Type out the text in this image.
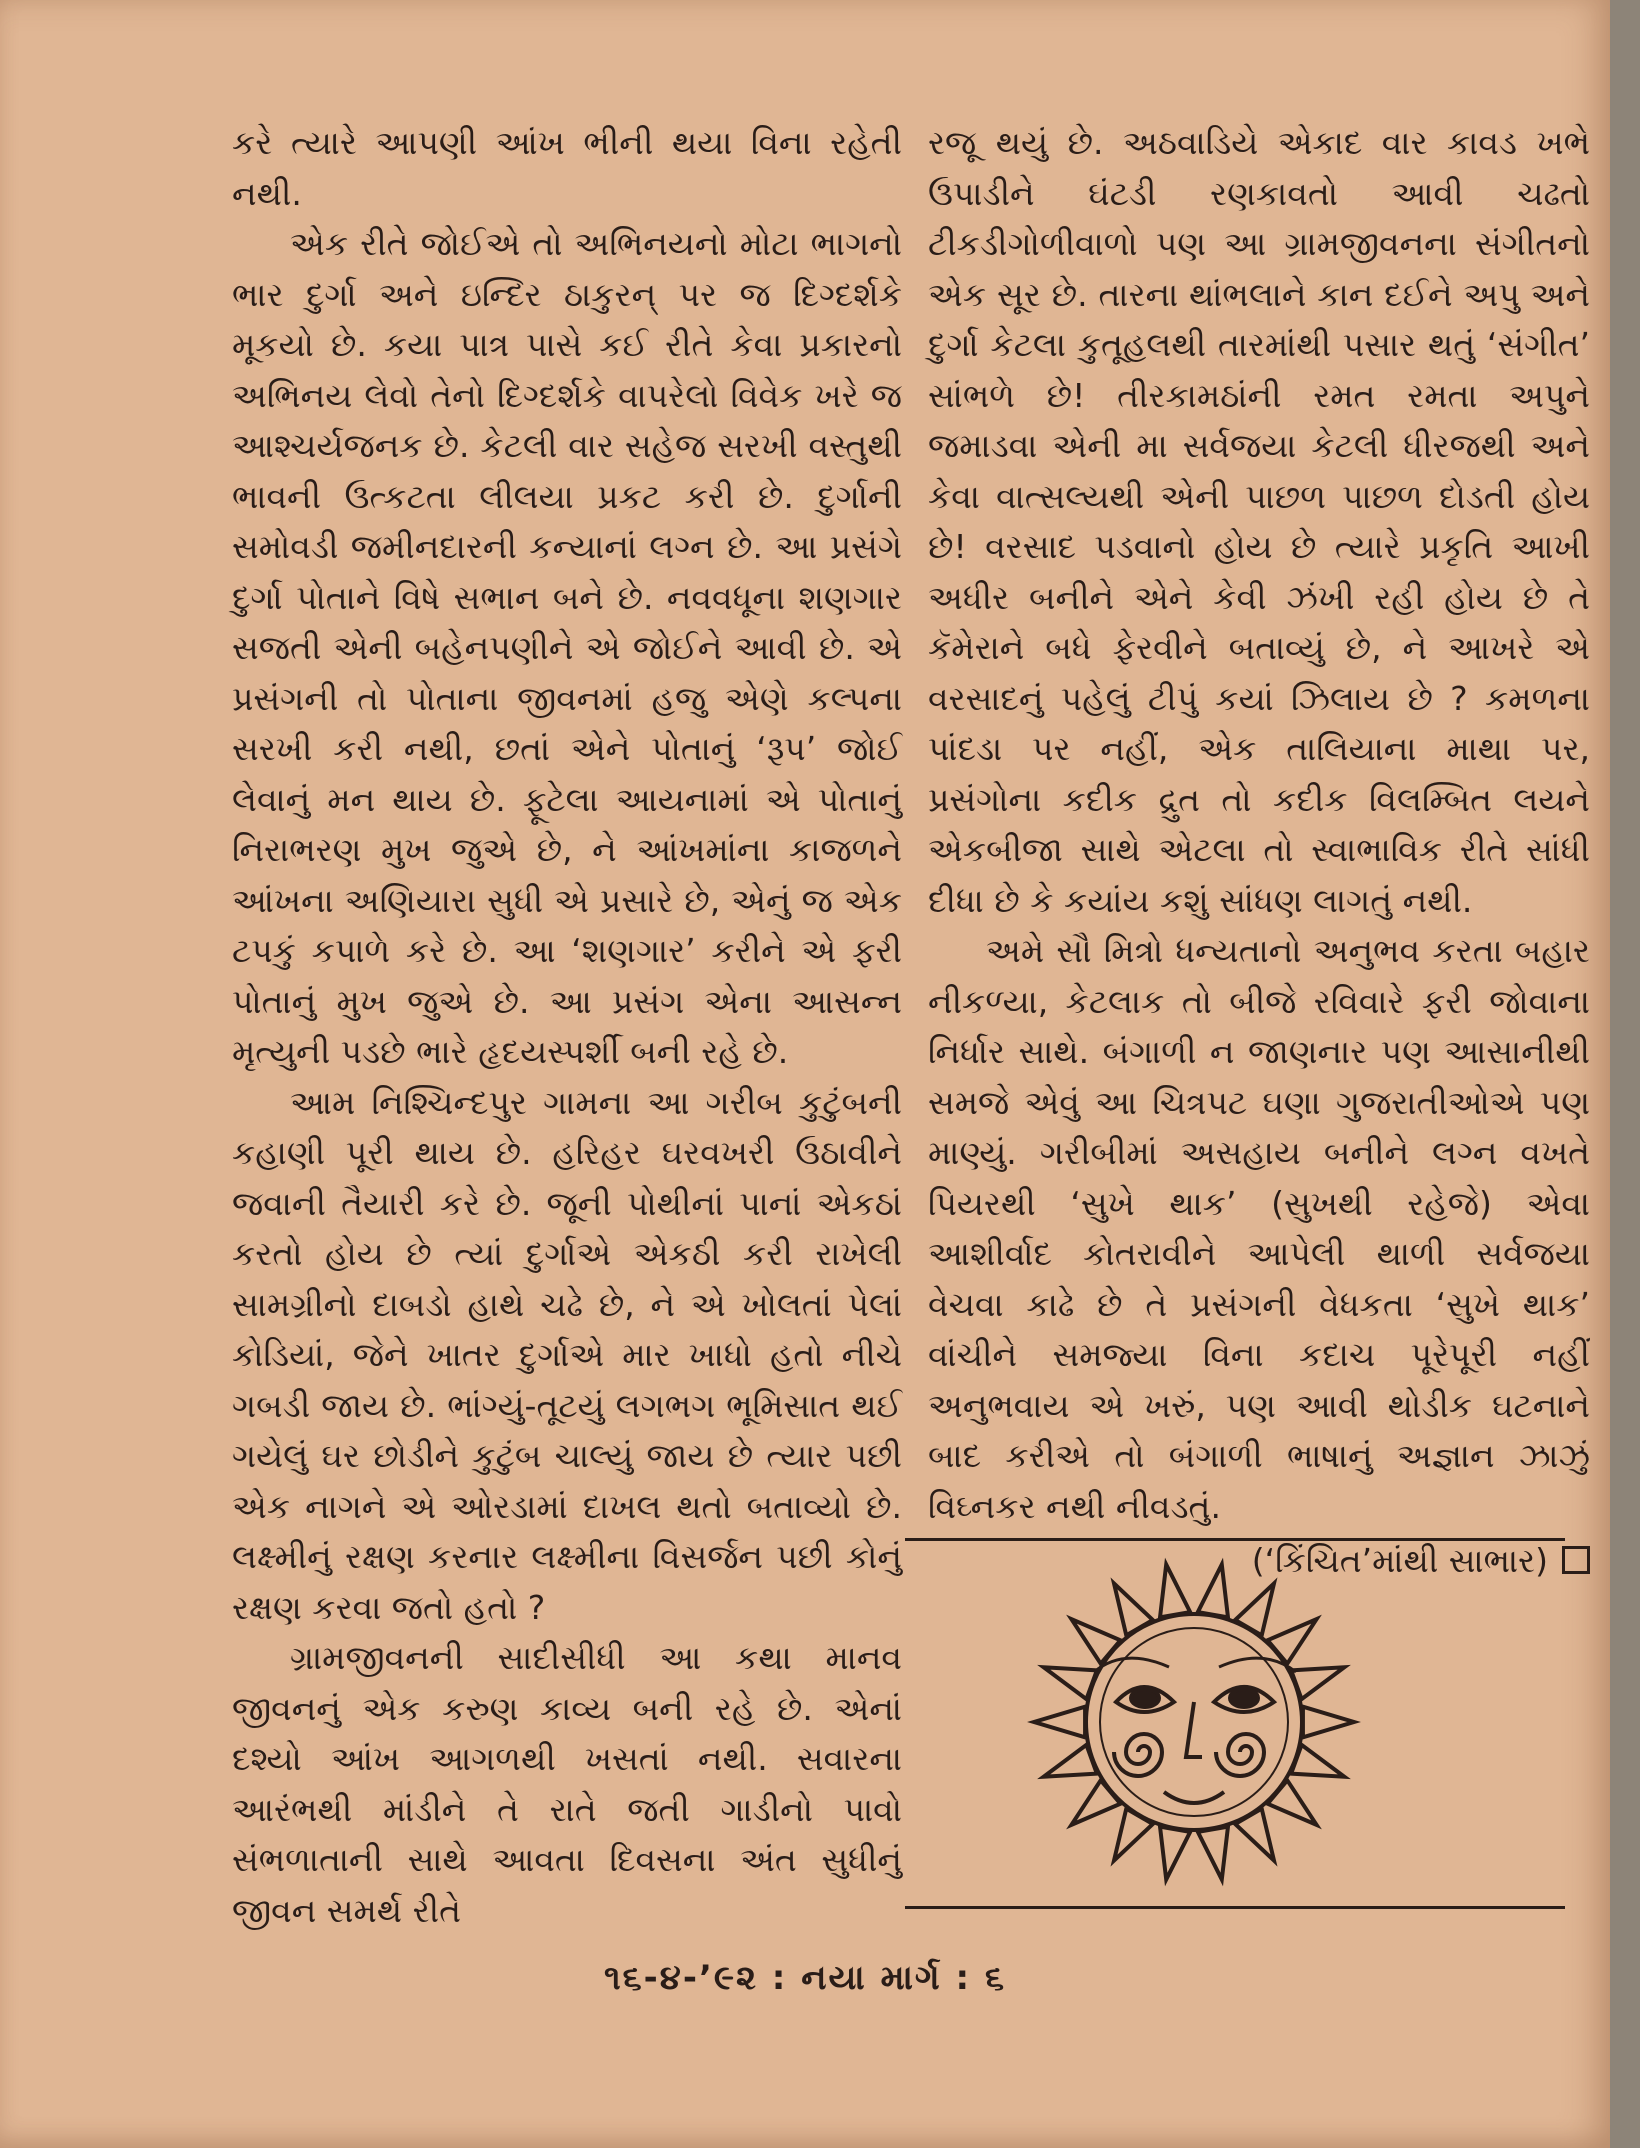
કરે ત્યારે આપણી આંખ ભીની થયા વિના રહેતી નથી.

એક રીતે જોઈએ તો અભિનયનો મોટા ભાગનો ભાર દુર્ગા અને ઇન્દિર ઠાકુરન્ પર જ દિગ્દર્શકે મૂકયો છે. કયા પાત્ર પાસે કઈ રીતે કેવા પ્રકારનો અભિનય લેવો તેનો દિગ્દર્શકે વાપરેલો વિવેક ખરે જ આશ્ચર્યજનક છે. કેટલી વાર સહેજ સરખી વસ્તુથી ભાવની ઉત્કટતા લીલયા પ્રકટ કરી છે. દુર્ગાની સમોવડી જમીનદારની કન્યાનાં લગ્ન છે. આ પ્રસંગે દુર્ગા પોતાને વિષે સભાન બને છે. નવવધૂના શણગાર સજતી એની બહેનપણીને એ જોઈને આવી છે. એ પ્રસંગની તો પોતાના જીવનમાં હજુ એણે કલ્પના સરખી કરી નથી, છતાં એને પોતાનું ‘રૂપ’ જોઈ લેવાનું મન થાય છે. ફૂટેલા આયનામાં એ પોતાનું નિરાભરણ મુખ જુએ છે, ને આંખમાંના કાજળને આંખના અણિયારા સુધી એ પ્રસારે છે, એનું જ એક ટપકું કપાળે કરે છે. આ ‘શણગાર’ કરીને એ ફરી પોતાનું મુખ જુએ છે. આ પ્રસંગ એના આસન્ન મૃત્યુની પડછે ભારે હૃદયસ્પર્શી બની રહે છે.

આમ નિશ્ચિન્દપુર ગામના આ ગરીબ કુટુંબની કહાણી પૂરી થાય છે. હરિહર ઘરવખરી ઉઠાવીને જવાની તૈયારી કરે છે. જૂની પોથીનાં પાનાં એકઠાં કરતો હોય છે ત્યાં દુર્ગાએ એકઠી કરી રાખેલી સામગ્રીનો દાબડો હાથે ચઢે છે, ને એ ખોલતાં પેલાં કોડિયાં, જેને ખાતર દુર્ગાએ માર ખાધો હતો નીચે ગબડી જાય છે. ભાંગ્યું-તૂટયું લગભગ ભૂમિસાત થઈ ગયેલું ઘર છોડીને કુટુંબ ચાલ્યું જાય છે ત્યાર પછી એક નાગને એ ઓરડામાં દાખલ થતો બતાવ્યો છે. લક્ષ્મીનું રક્ષણ કરનાર લક્ષ્મીના વિસર્જન પછી કોનું રક્ષણ કરવા જતો હતો ?

ગ્રામજીવનની સાદીસીધી આ કથા માનવ જીવનનું એક કરુણ કાવ્ય બની રહે છે. એનાં દશ્યો આંખ આગળથી ખસતાં નથી. સવારના આરંભથી માંડીને તે રાતે જતી ગાડીનો પાવો સંભળાતાની સાથે આવતા દિવસના અંત સુધીનું જીવન સમર્થ રીતે

રજૂ થયું છે. અઠવાડિયે એકાદ વાર કાવડ ખભે ઉપાડીને ઘંટડી રણકાવતો આવી ચઢતો ટીકડીગોળીવાળો પણ આ ગ્રામજીવનના સંગીતનો એક સૂર છે. તારના થાંભલાને કાન દઈને અપુ અને દુર્ગા કેટલા કુતૂહલથી તારમાંથી પસાર થતું ‘સંગીત’ સાંભળે છે! તીરકામઠાંની રમત રમતા અપુને જમાડવા એની મા સર્વજયા કેટલી ધીરજથી અને કેવા વાત્સલ્યથી એની પાછળ પાછળ દોડતી હોય છે! વરસાદ પડવાનો હોય છે ત્યારે પ્રકૃતિ આખી અધીર બનીને એને કેવી ઝંખી રહી હોય છે તે કૅમેરાને બધે ફેરવીને બતાવ્યું છે, ને આખરે એ વરસાદનું પહેલું ટીપું કયાં ઝિલાય છે ? કમળના પાંદડા પર નહીં, એક તાલિયાના માથા પર, પ્રસંગોના કદીક દ્રુત તો કદીક વિલમ્બિત લયને એકબીજા સાથે એટલા તો સ્વાભાવિક રીતે સાંધી દીધા છે કે કયાંય કશું સાંધણ લાગતું નથી.

અમે સૌ મિત્રો ધન્યતાનો અનુભવ કરતા બહાર નીકળ્યા, કેટલાક તો બીજે રવિવારે ફરી જોવાના નિર્ધાર સાથે. બંગાળી ન જાણનાર પણ આસાનીથી સમજે એવું આ ચિત્રપટ ઘણા ગુજરાતીઓએ પણ માણ્યું. ગરીબીમાં અસહાય બનીને લગ્ન વખતે પિયરથી ‘સુખે થાક’ (સુખથી રહેજે) એવા આશીર્વાદ કોતરાવીને આપેલી થાળી સર્વજયા વેચવા કાઢે છે તે પ્રસંગની વેધકતા ‘સુખે થાક’ વાંચીને સમજ્યા વિના કદાચ પૂરેપૂરી નહીં અનુભવાય એ ખરું, પણ આવી થોડીક ઘટનાને બાદ કરીએ તો બંગાળી ભાષાનું અજ્ઞાન ઝાઝું વિઘ્નકર નથી નીવડતું.

(‘કિંચિત’માંથી સાભાર)

૧૬-૪-’૯૨ : નયા માર્ગ : ૬
